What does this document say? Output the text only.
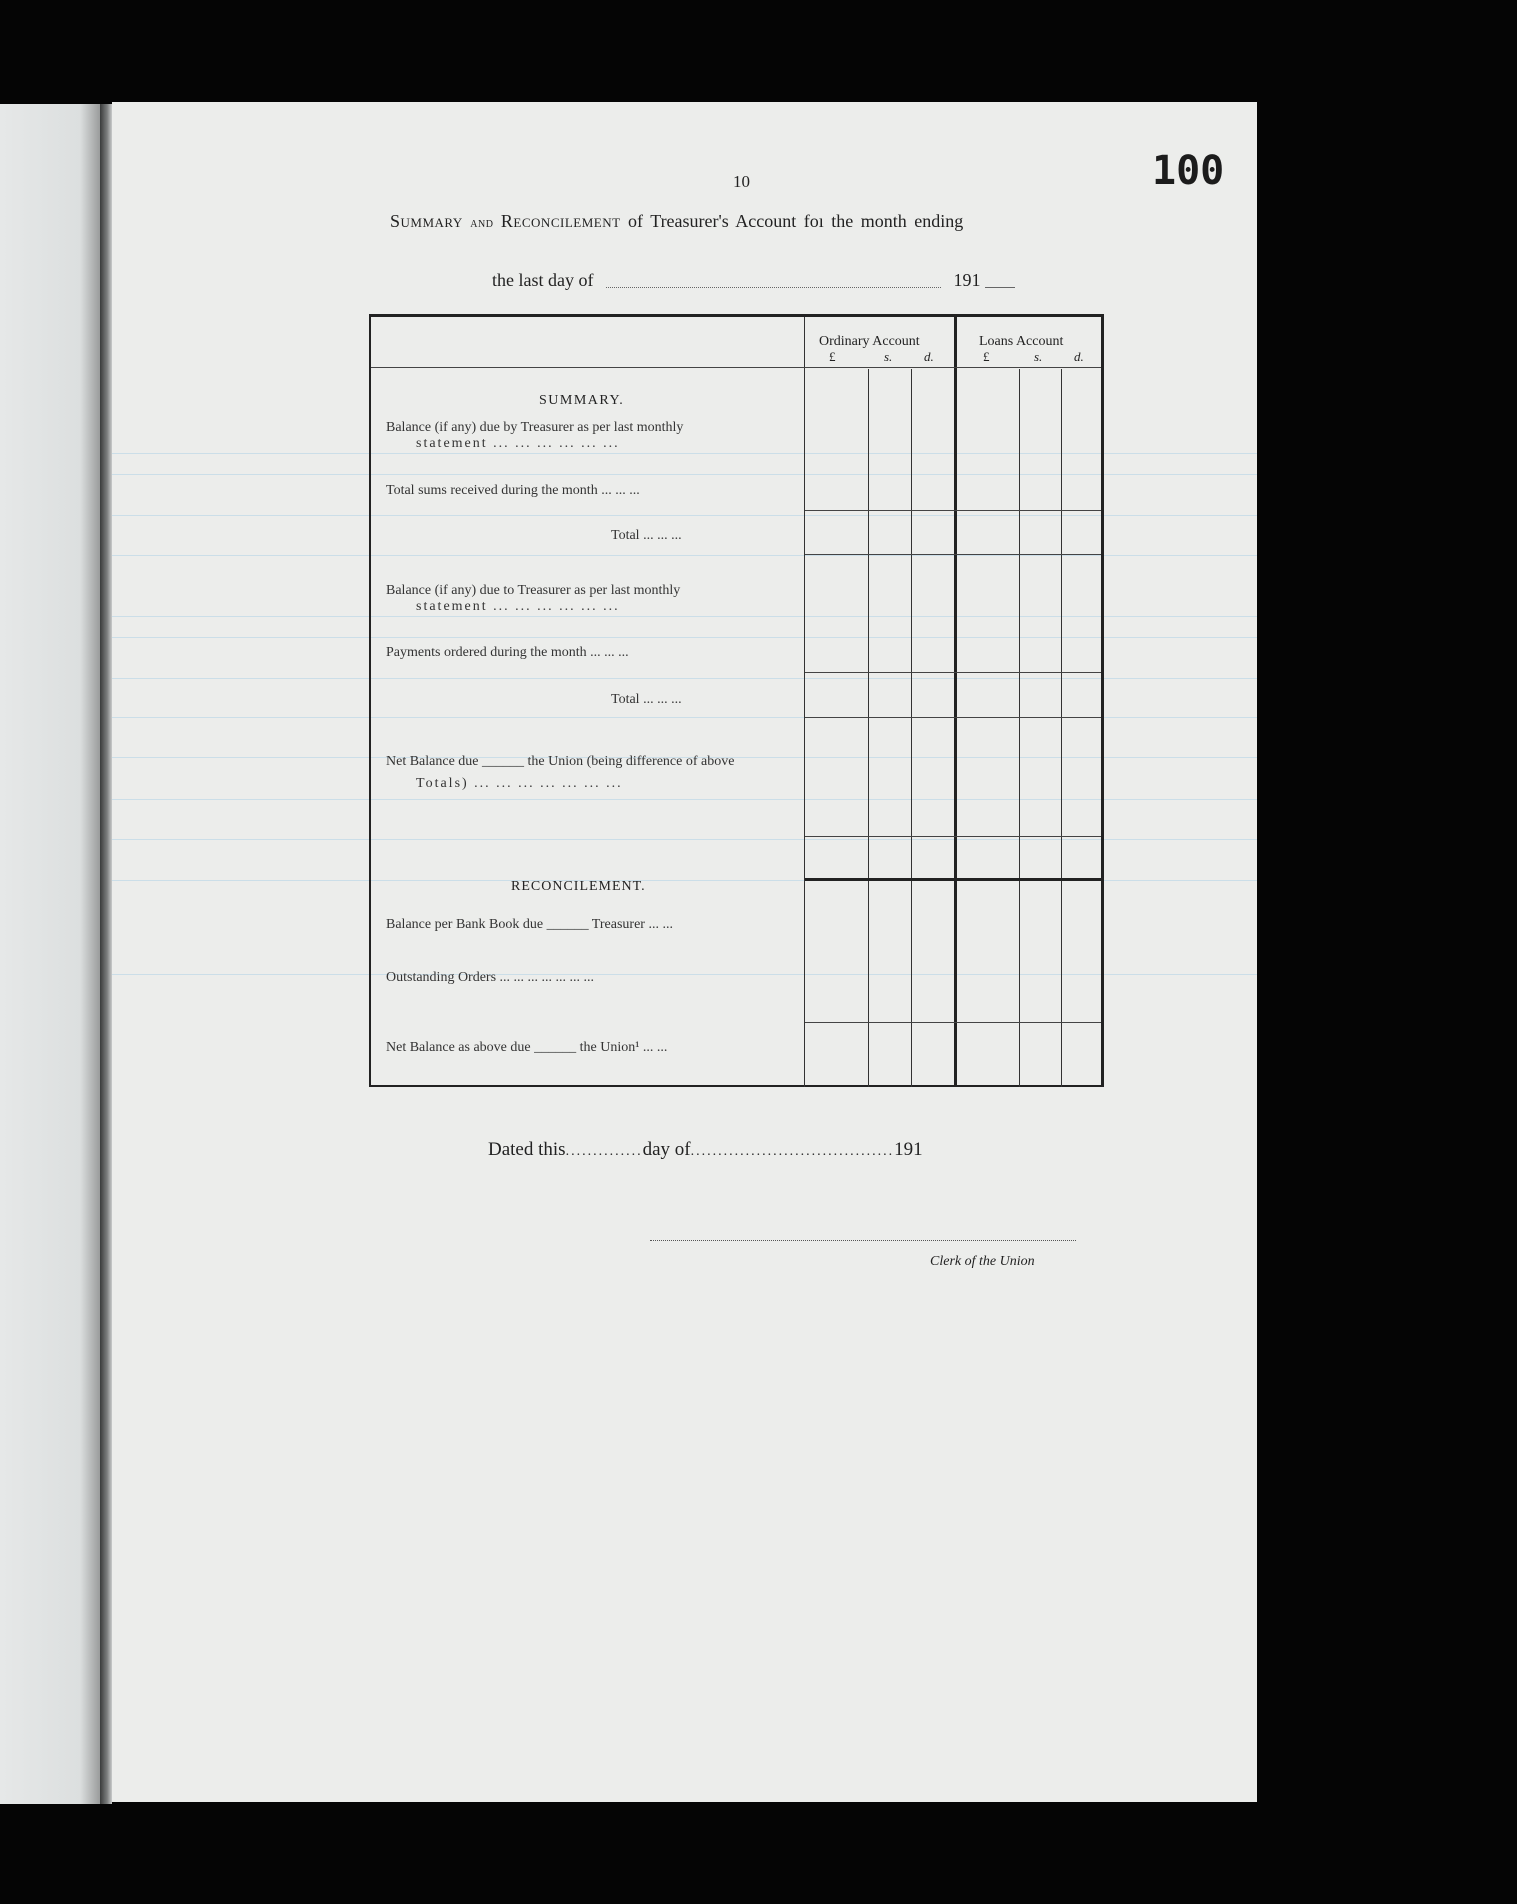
10	100
Summary and Reconcilement of Treasurer's Account foı the month ending
the last day of	191
Ordinary Account	Loans Account
£	s. d.	£	s. d.
SUMMARY.
Balance (if any) due by Treasurer as per last monthly
statement ... ... ... ... ... ...
Total sums received during the month ... ... ...
Total ... ... ...
Balance (if any) due to Treasurer as per last monthly
statement ... ... ... ... ... ...
Payments ordered during the month ... ... ...
Total ... ... ...
Net Balance due ______ the Union (being difference of above
Totals) ... ... ... ... ... ... ...
RECONCILEMENT.
Balance per Bank Book due ______ Treasurer ... ...
Outstanding Orders ... ... ... ... ... ... ...
Net Balance as above due ______ the Union¹ ... ...
Dated this..............day of.....................................191
Clerk of the Union
